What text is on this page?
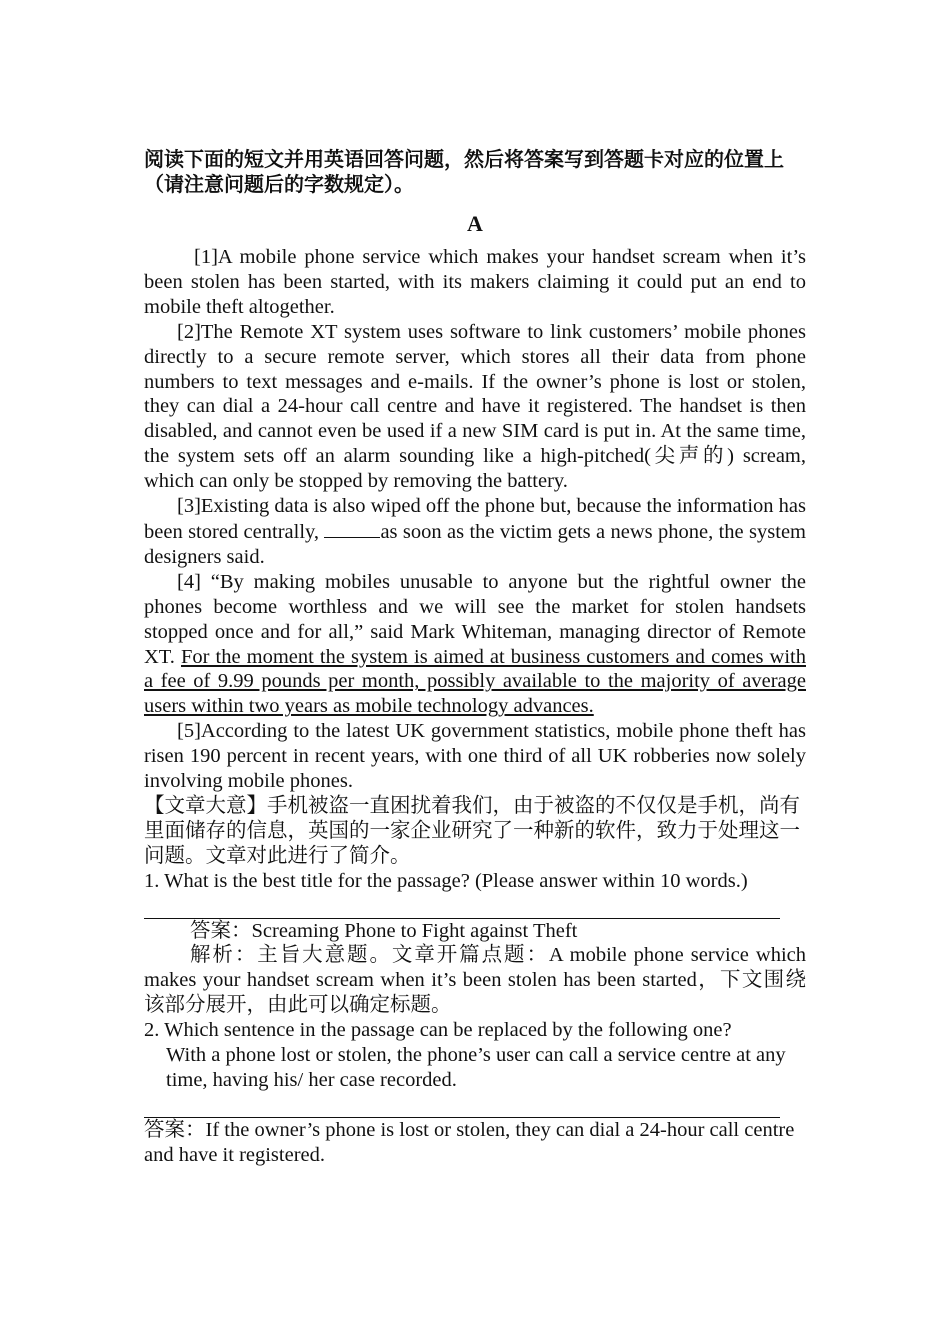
阅读下面的短文并用英语回答问题，然后将答案写到答题卡对应的位置上（请注意问题后的字数规定）。

A

[1]A mobile phone service which makes your handset scream when it’s been stolen has been started, with its makers claiming it could put an end to mobile theft altogether.

[2]The Remote XT system uses software to link customers’ mobile phones directly to a secure remote server, which stores all their data from phone numbers to text messages and e-mails. If the owner’s phone is lost or stolen, they can dial a 24-hour call centre and have it registered. The handset is then disabled, and cannot even be used if a new SIM card is put in. At the same time, the system sets off an alarm sounding like a high-pitched(尖声的) scream, which can only be stopped by removing the battery.

[3]Existing data is also wiped off the phone but, because the information has been stored centrally,	as soon as the victim gets a news phone, the system designers said.

[4] “By making mobiles unusable to anyone but the rightful owner the phones become worthless and we will see the market for stolen handsets stopped once and for all,” said Mark Whiteman, managing director of Remote XT. For the moment the system is aimed at business customers and comes with a fee of 9.99 pounds per month, possibly available to the majority of average users within two years as mobile technology advances.

[5]According to the latest UK government statistics, mobile phone theft has risen 190 percent in recent years, with one third of all UK robberies now solely involving mobile phones.

【文章大意】手机被盗一直困扰着我们，由于被盗的不仅仅是手机，尚有里面储存的信息，英国的一家企业研究了一种新的软件，致力于处理这一问题。文章对此进行了简介。

1. What is the best title for the passage? (Please answer within 10 words.)

答案：Screaming Phone to Fight against Theft

解析：主旨大意题。文章开篇点题：A mobile phone service which makes your handset scream when it’s been stolen has been started，下文围绕该部分展开，由此可以确定标题。

2. Which sentence in the passage can be replaced by the following one?

With a phone lost or stolen, the phone’s user can call a service centre at any time, having his/ her case recorded.

答案：If the owner’s phone is lost or stolen, they can dial a 24-hour call centre and have it registered.
